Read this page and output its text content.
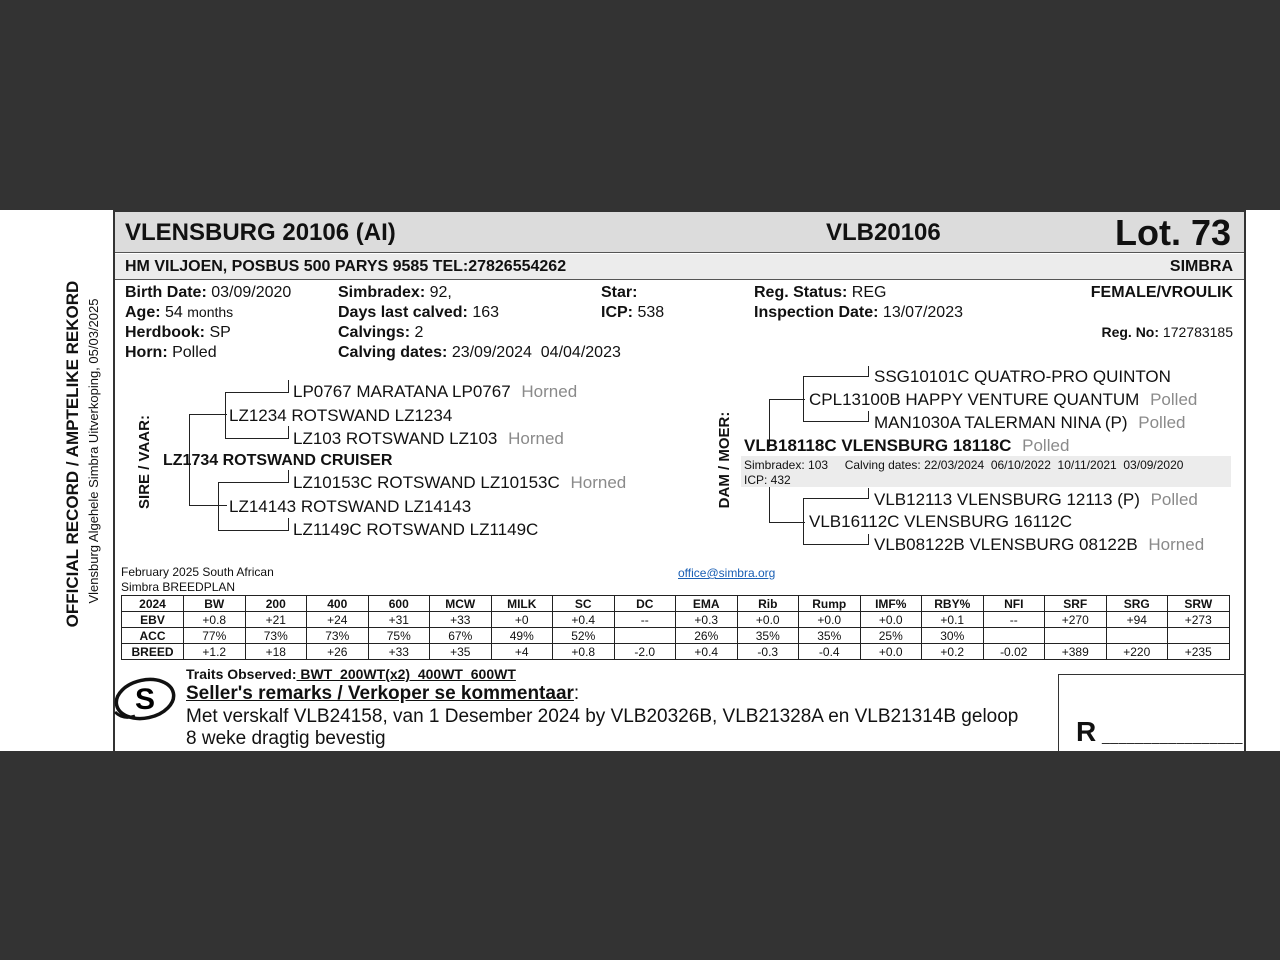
OFFICIAL RECORD / AMPTELIKE REKORD Vlensburg Algehele Simbra Uitverkoping, 05/03/2025
VLENSBURG 20106 (AI)	VLB20106	Lot. 73
HM VILJOEN, POSBUS 500 PARYS 9585 TEL:27826554262	SIMBRA
Birth Date: 03/09/2020
Age: 54 months
Herdbook: SP
Horn: Polled
Simbradex: 92,
Days last calved: 163
Calvings: 2
Calving dates: 23/09/2024  04/04/2023
Star:
ICP: 538
Reg. Status: REG
Inspection Date: 13/07/2023
FEMALE/VROULIK
Reg. No: 172783185
SIRE / VAAR:
LP0767 MARATANA LP0767 Horned
LZ1234 ROTSWAND LZ1234
LZ103 ROTSWAND LZ103 Horned
LZ1734 ROTSWAND CRUISER
LZ10153C ROTSWAND LZ10153C Horned
LZ14143 ROTSWAND LZ14143
LZ1149C ROTSWAND LZ1149C
DAM / MOER:
SSG10101C QUATRO-PRO QUINTON
CPL13100B HAPPY VENTURE QUANTUM Polled
MAN1030A TALERMAN NINA (P) Polled
VLB18118C VLENSBURG 18118C Polled
Simbradex: 103     Calving dates: 22/03/2024  06/10/2022  10/11/2021  03/09/2020
ICP: 432
VLB12113 VLENSBURG 12113 (P) Polled
VLB16112C VLENSBURG 16112C
VLB08122B VLENSBURG 08122B Horned
February 2025 South African
Simbra BREEDPLAN
office@simbra.org
2024	BW	200	400	600	MCW	MILK	SC	DC	EMA	Rib	Rump	IMF%	RBY%	NFI	SRF	SRG	SRW
EBV	+0.8	+21	+24	+31	+33	+0	+0.4	--	+0.3	+0.0	+0.0	+0.0	+0.1	--	+270	+94	+273
ACC	77%	73%	73%	75%	67%	49%	52%		26%	35%	35%	25%	30%				
BREED	+1.2	+18	+26	+33	+35	+4	+0.8	-2.0	+0.4	-0.3	-0.4	+0.0	+0.2	-0.02	+389	+220	+235
S
Traits Observed: BWT  200WT(x2)  400WT  600WT
Seller's remarks / Verkoper se kommentaar:
Met verskalf VLB24158, van 1 Desember 2024 by VLB20326B, VLB21328A en VLB21314B geloop
8 weke dragtig bevestig	R _________________
